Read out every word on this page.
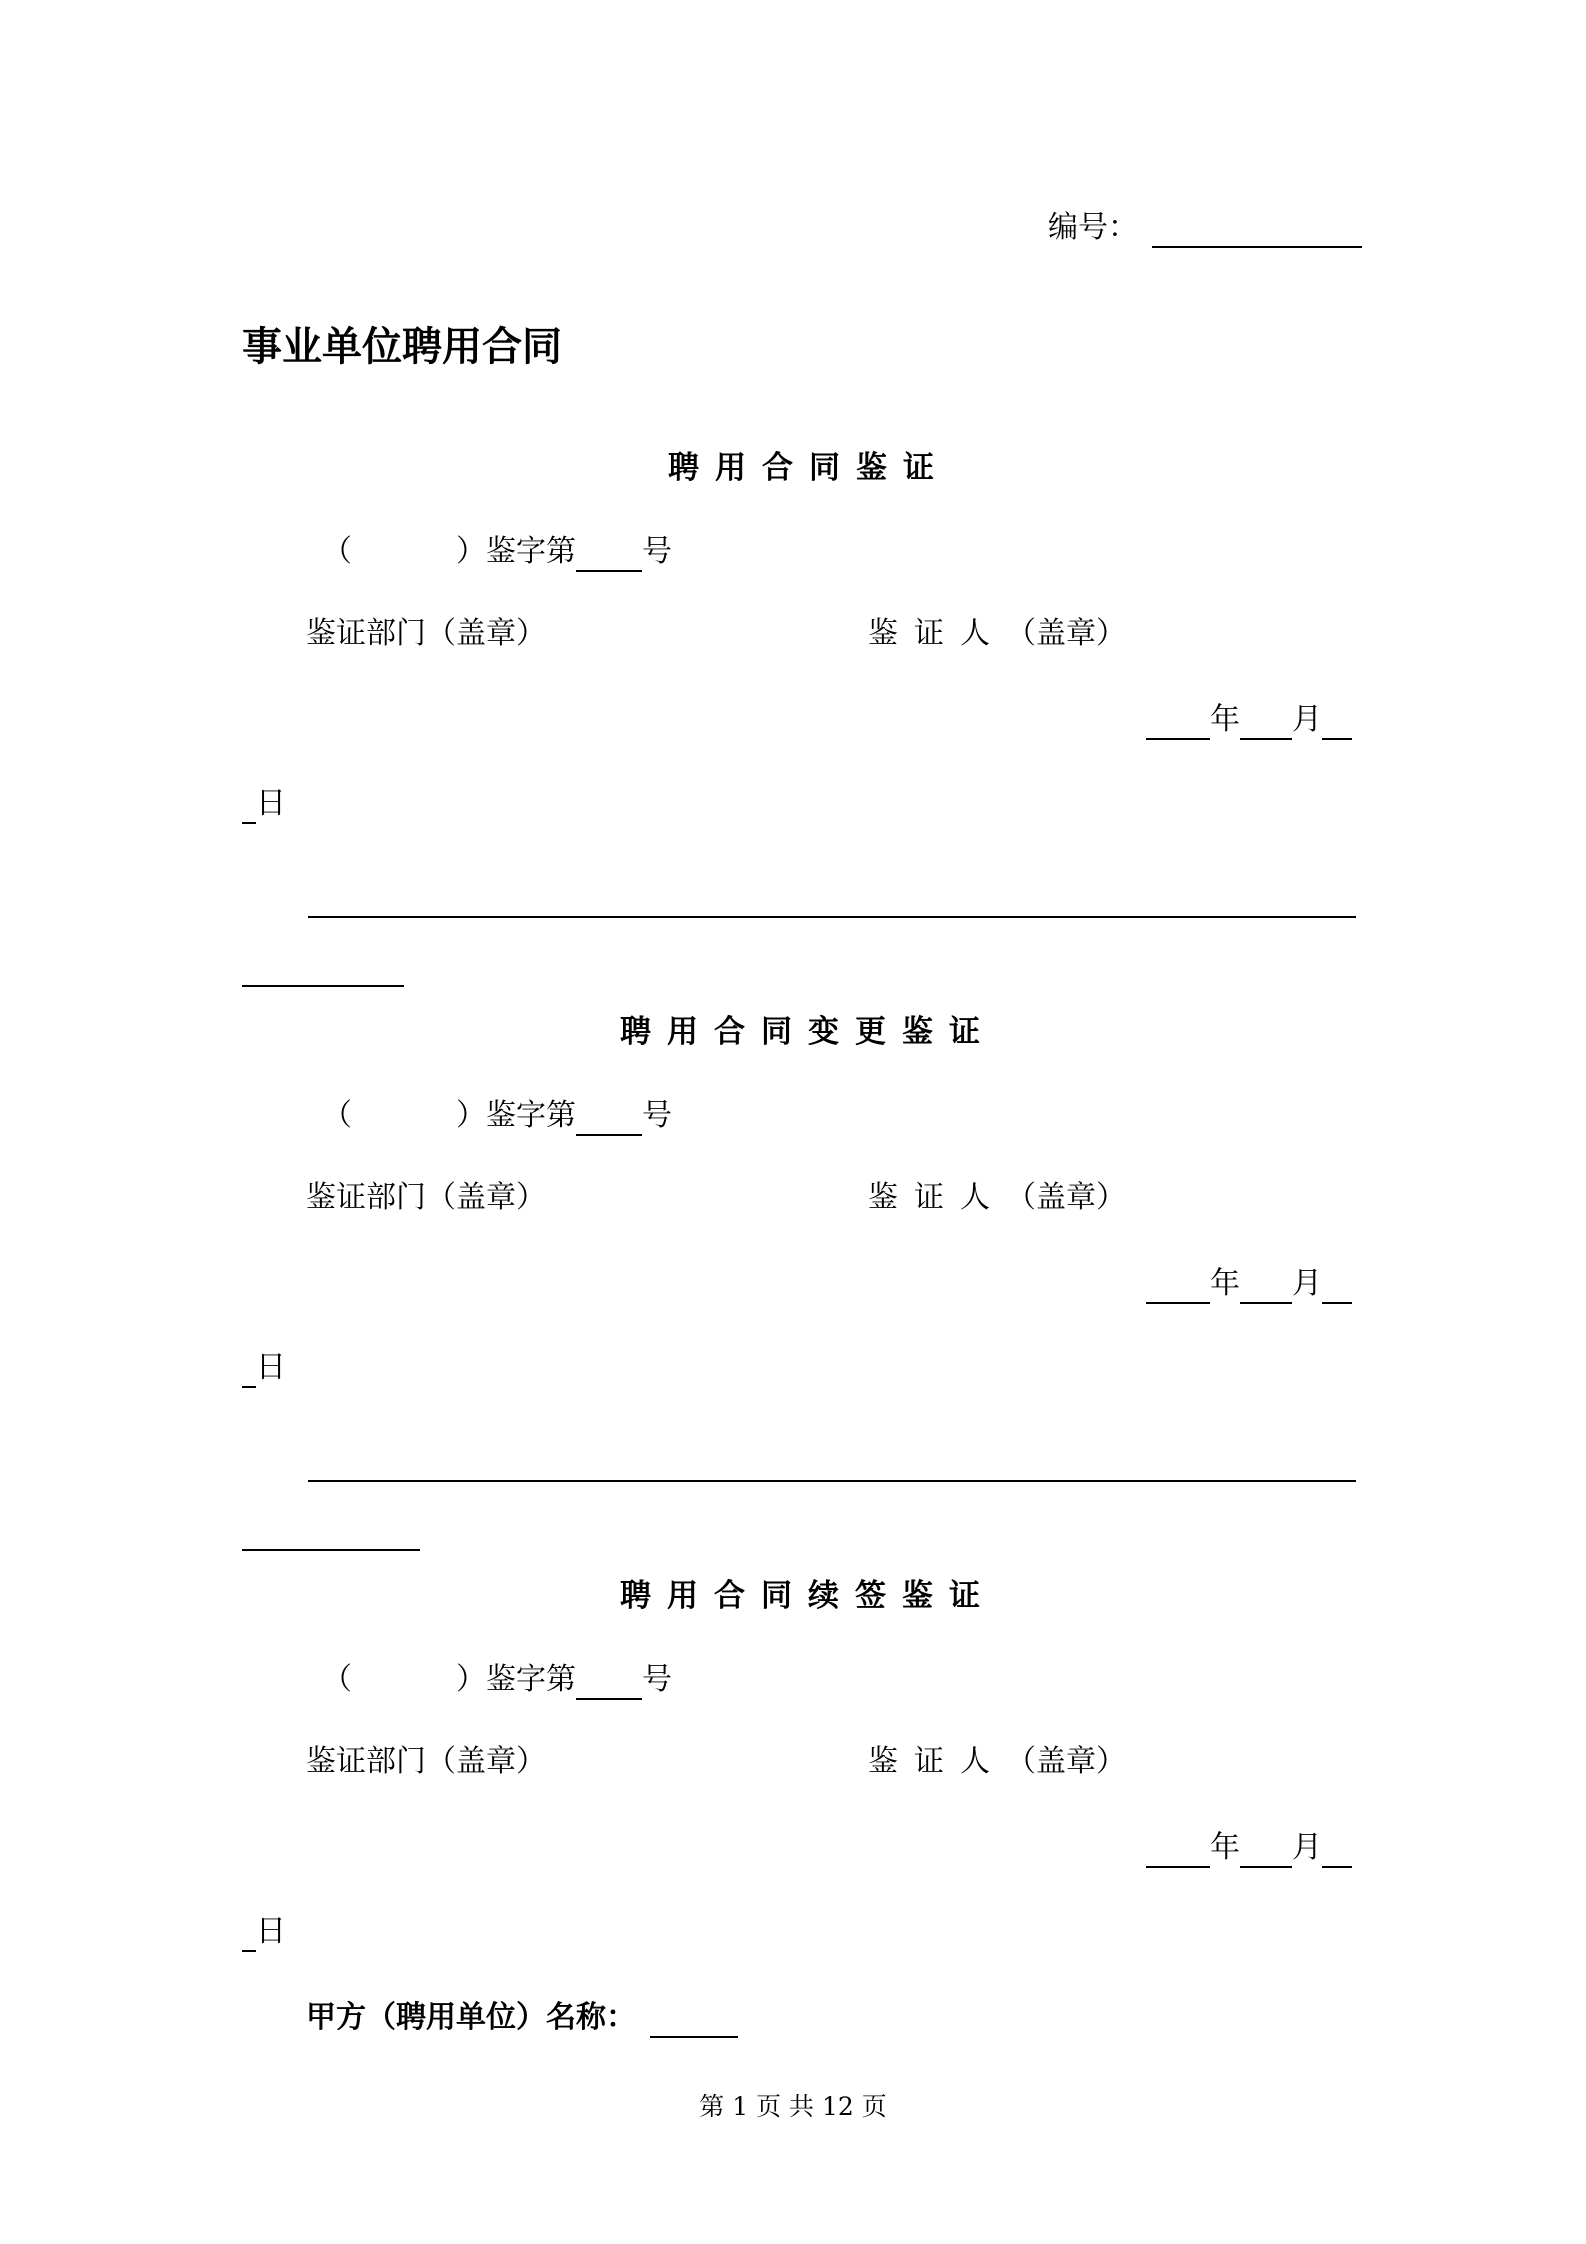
编号：
事业单位聘用合同
聘用合同鉴证
（	）鉴字第 号
鉴证部门（盖章）	鉴证人（盖章）
年 月
日
聘用合同变更鉴证
（	）鉴字第 号
鉴证部门（盖章）	鉴证人（盖章）
年 月
日
聘用合同续签鉴证
（	）鉴字第 号
鉴证部门（盖章）	鉴证人（盖章）
年 月
日
甲方（聘用单位）名称：
第 1 页 共 12 页
